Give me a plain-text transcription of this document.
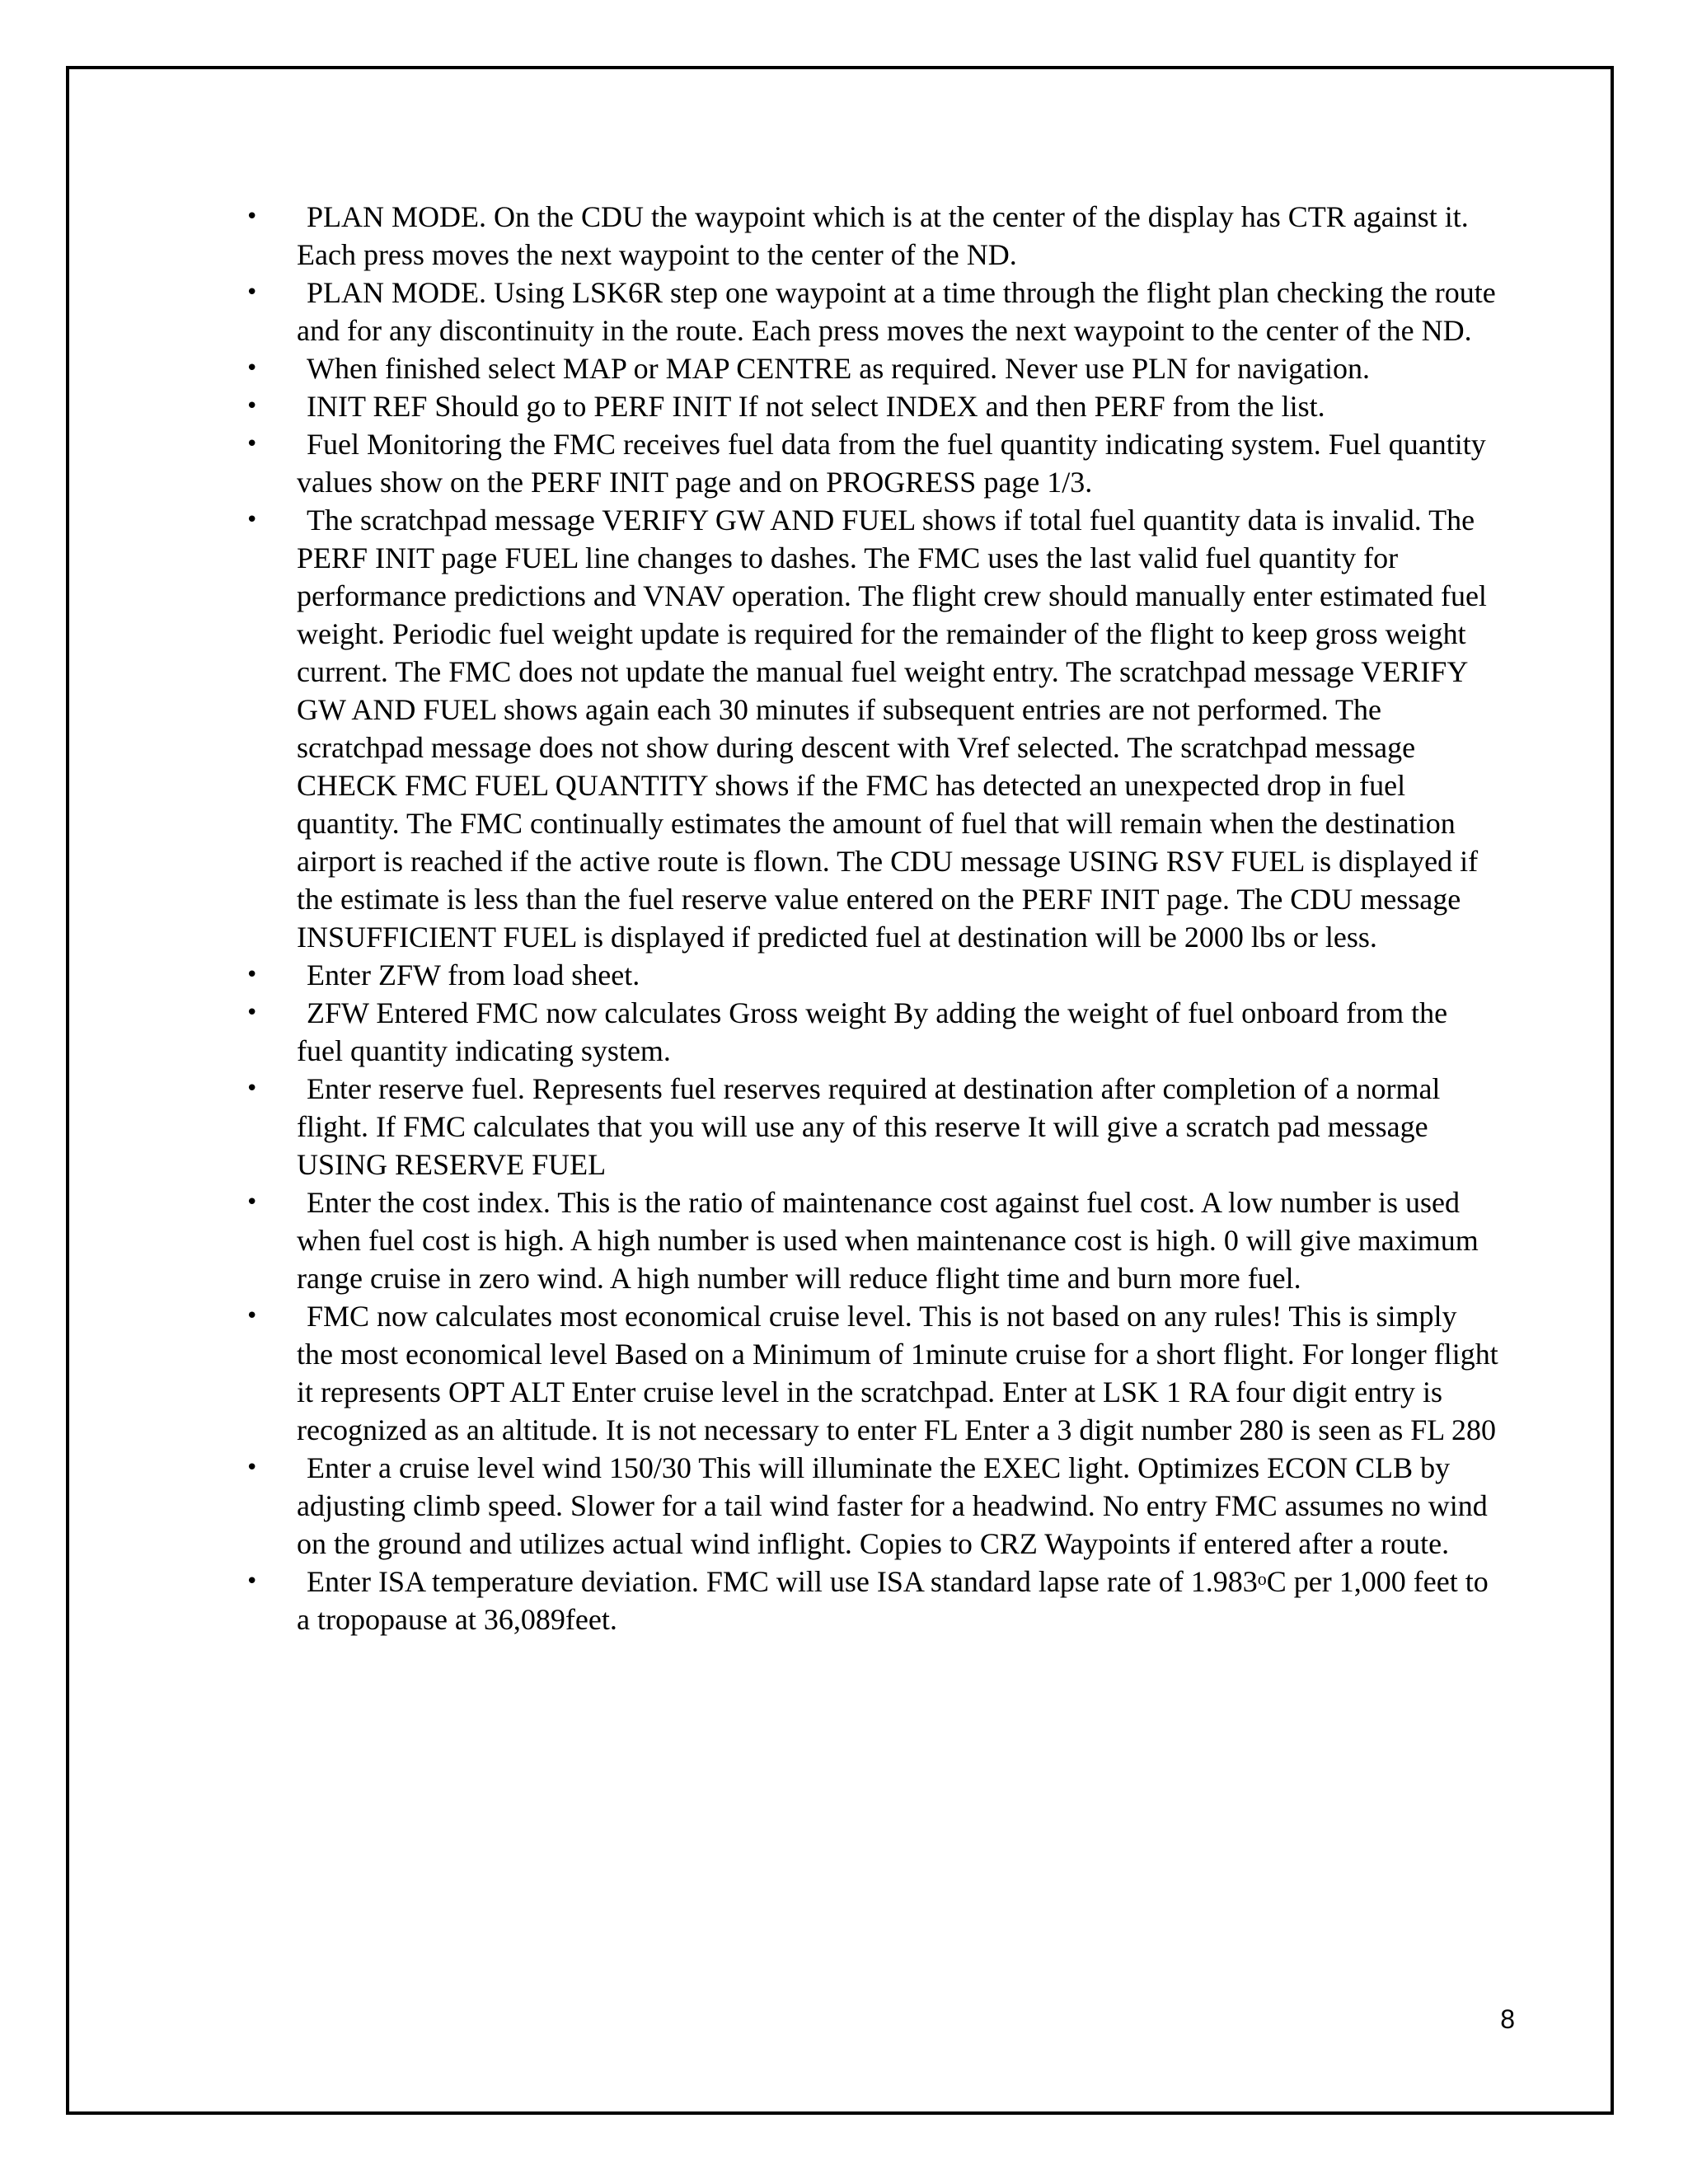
•	PLAN MODE. On the CDU the waypoint which is at the center of the display has CTR against it. Each press moves the next waypoint to the center of the ND.
•	PLAN MODE. Using LSK6R step one waypoint at a time through the flight plan checking the route and for any discontinuity in the route. Each press moves the next waypoint to the center of the ND.
•	When finished select MAP or MAP CENTRE as required. Never use PLN for navigation.
•	INIT REF Should go to PERF INIT If not select INDEX and then PERF from the list.
•	Fuel Monitoring the FMC receives fuel data from the fuel quantity indicating system. Fuel quantity values show on the PERF INIT page and on PROGRESS page 1/3.
•	The scratchpad message VERIFY GW AND FUEL shows if total fuel quantity data is invalid. The PERF INIT page FUEL line changes to dashes. The FMC uses the last valid fuel quantity for performance predictions and VNAV operation. The flight crew should manually enter estimated fuel weight. Periodic fuel weight update is required for the remainder of the flight to keep gross weight current. The FMC does not update the manual fuel weight entry. The scratchpad message VERIFY GW AND FUEL shows again each 30 minutes if subsequent entries are not performed. The scratchpad message does not show during descent with Vref selected. The scratchpad message CHECK FMC FUEL QUANTITY shows if the FMC has detected an unexpected drop in fuel quantity. The FMC continually estimates the amount of fuel that will remain when the destination airport is reached if the active route is flown. The CDU message USING RSV FUEL is displayed if the estimate is less than the fuel reserve value entered on the PERF INIT page. The CDU message INSUFFICIENT FUEL is displayed if predicted fuel at destination will be 2000 lbs or less.
•	Enter ZFW from load sheet.
•	ZFW Entered FMC now calculates Gross weight By adding the weight of fuel onboard from the fuel quantity indicating system.
•	Enter reserve fuel. Represents fuel reserves required at destination after completion of a normal flight. If FMC calculates that you will use any of this reserve It will give a scratch pad message USING RESERVE FUEL
•	Enter the cost index. This is the ratio of maintenance cost against fuel cost. A low number is used when fuel cost is high. A high number is used when maintenance cost is high. 0 will give maximum range cruise in zero wind. A high number will reduce flight time and burn more fuel.
•	FMC now calculates most economical cruise level. This is not based on any rules! This is simply the most economical level Based on a Minimum of 1minute cruise for a short flight. For longer flight it represents OPT ALT Enter cruise level in the scratchpad. Enter at LSK 1 RA four digit entry is recognized as an altitude. It is not necessary to enter FL Enter a 3 digit number 280 is seen as FL 280
•	Enter a cruise level wind 150/30 This will illuminate the EXEC light. Optimizes ECON CLB by adjusting climb speed. Slower for a tail wind faster for a headwind. No entry FMC assumes no wind on the ground and utilizes actual wind inflight. Copies to CRZ Waypoints if entered after a route.
•	Enter ISA temperature deviation. FMC will use ISA standard lapse rate of 1.983$^o$C per 1,000 feet to a tropopause at 36,089feet.
8
